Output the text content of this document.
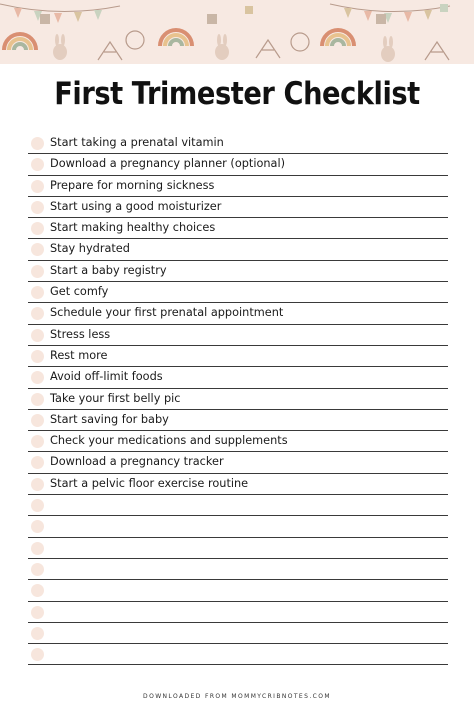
First Trimester Checklist
Start taking a prenatal vitamin
Download a pregnancy planner (optional)
Prepare for morning sickness
Start using a good moisturizer
Start making healthy choices
Stay hydrated
Start a baby registry
Get comfy
Schedule your first prenatal appointment
Stress less
Rest more
Avoid off-limit foods
Take your first belly pic
Start saving for baby
Check your medications and supplements
Download a pregnancy tracker
Start a pelvic floor exercise routine
DOWNLOADED FROM MOMMYCRIBNOTES.COM
